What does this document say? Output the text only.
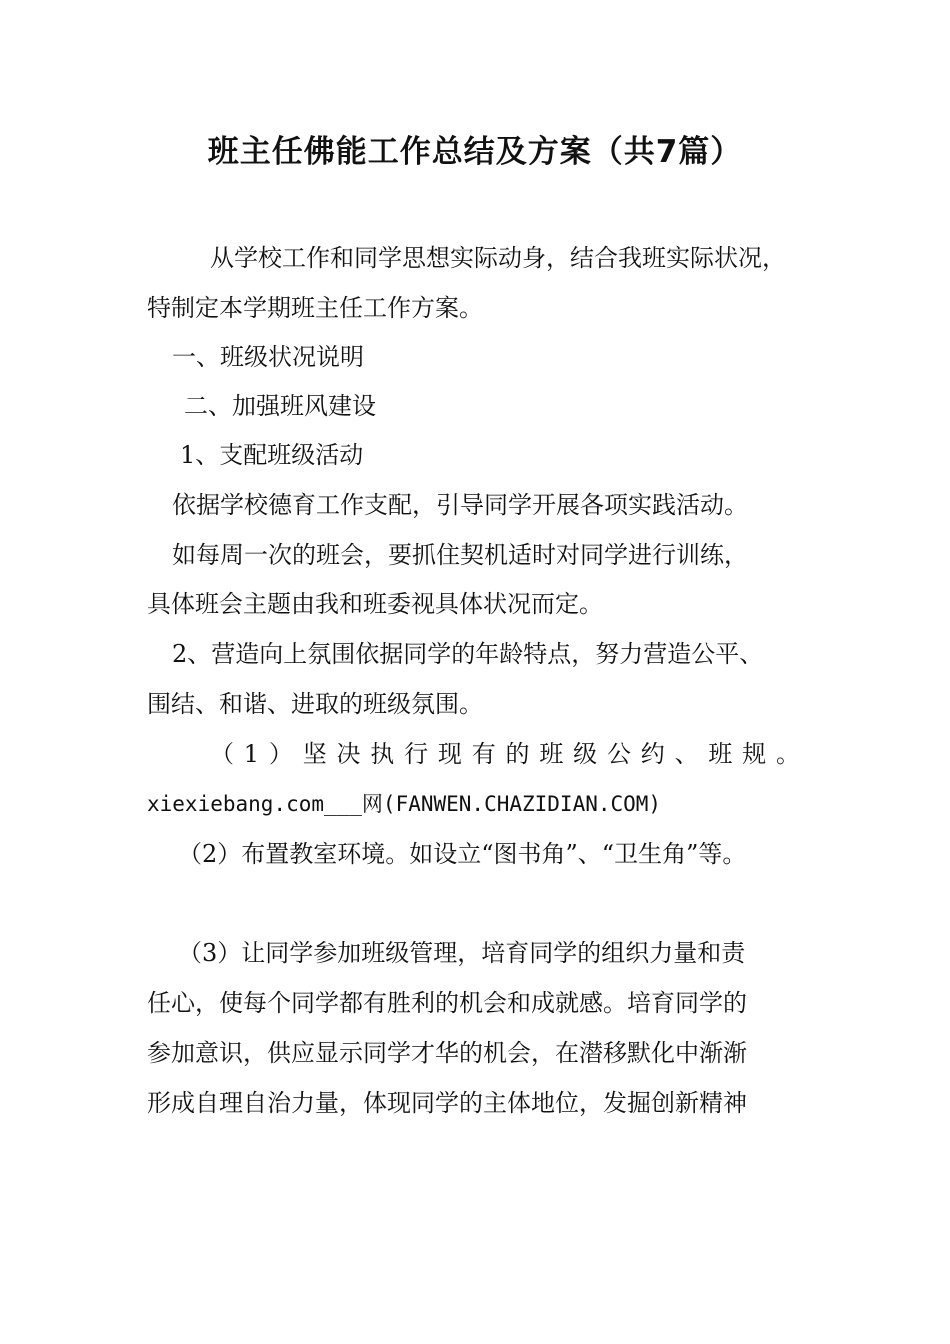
班主任佛能工作总结及方案（共7篇）
从学校工作和同学思想实际动身，结合我班实际状况，
特制定本学期班主任工作方案。
一、班级状况说明
二、加强班风建设
1、支配班级活动
依据学校德育工作支配，引导同学开展各项实践活动。
如每周一次的班会，要抓住契机适时对同学进行训练，
具体班会主题由我和班委视具体状况而定。
2、营造向上氛围依据同学的年龄特点，努力营造公平、
围结、和谐、进取的班级氛围。
（1）坚决执行现有的班级公约、班规。
xiexiebang.com___网(FANWEN.CHAZIDIAN.COM)
（2）布置教室环境。如设立“图书角”、“卫生角”等。
（3）让同学参加班级管理，培育同学的组织力量和责
任心，使每个同学都有胜利的机会和成就感。培育同学的
参加意识，供应显示同学才华的机会，在潜移默化中渐渐
形成自理自治力量，体现同学的主体地位，发掘创新精神
